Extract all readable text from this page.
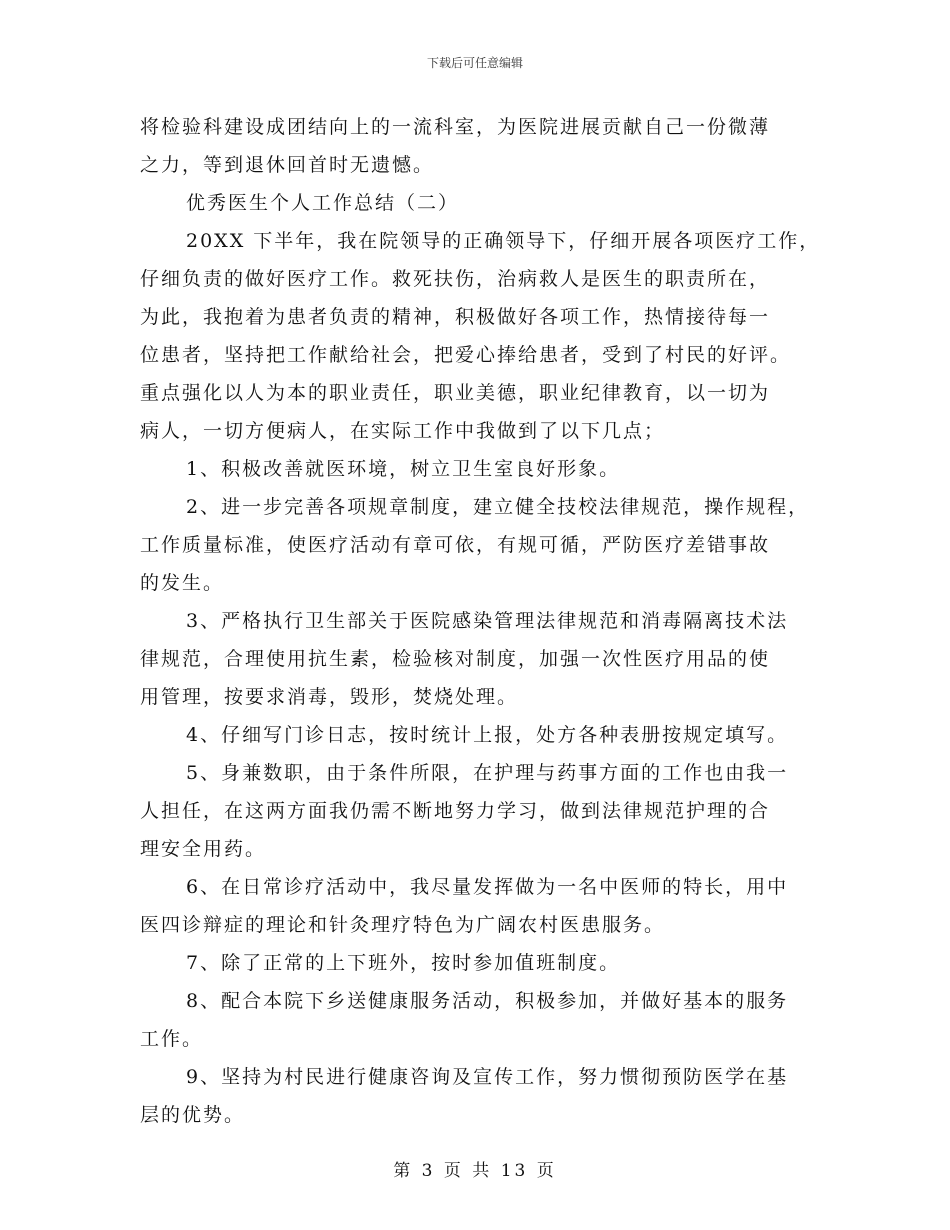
下载后可任意编辑
将检验科建设成团结向上的一流科室，为医院进展贡献自己一份微薄
之力，等到退休回首时无遗憾。
优秀医生个人工作总结（二）
20XX 下半年，我在院领导的正确领导下，仔细开展各项医疗工作，
仔细负责的做好医疗工作。救死扶伤，治病救人是医生的职责所在，
为此，我抱着为患者负责的精神，积极做好各项工作，热情接待每一
位患者，坚持把工作献给社会，把爱心捧给患者，受到了村民的好评。
重点强化以人为本的职业责任，职业美德，职业纪律教育，以一切为
病人，一切方便病人，在实际工作中我做到了以下几点；
1、积极改善就医环境，树立卫生室良好形象。
2、进一步完善各项规章制度，建立健全技校法律规范，操作规程，
工作质量标准，使医疗活动有章可依，有规可循，严防医疗差错事故
的发生。
3、严格执行卫生部关于医院感染管理法律规范和消毒隔离技术法
律规范，合理使用抗生素，检验核对制度，加强一次性医疗用品的使
用管理，按要求消毒，毁形，焚烧处理。
4、仔细写门诊日志，按时统计上报，处方各种表册按规定填写。
5、身兼数职，由于条件所限，在护理与药事方面的工作也由我一
人担任，在这两方面我仍需不断地努力学习，做到法律规范护理的合
理安全用药。
6、在日常诊疗活动中，我尽量发挥做为一名中医师的特长，用中
医四诊辩症的理论和针灸理疗特色为广阔农村医患服务。
7、除了正常的上下班外，按时参加值班制度。
8、配合本院下乡送健康服务活动，积极参加，并做好基本的服务
工作。
9、坚持为村民进行健康咨询及宣传工作，努力惯彻预防医学在基
层的优势。
第 3 页 共 13 页
